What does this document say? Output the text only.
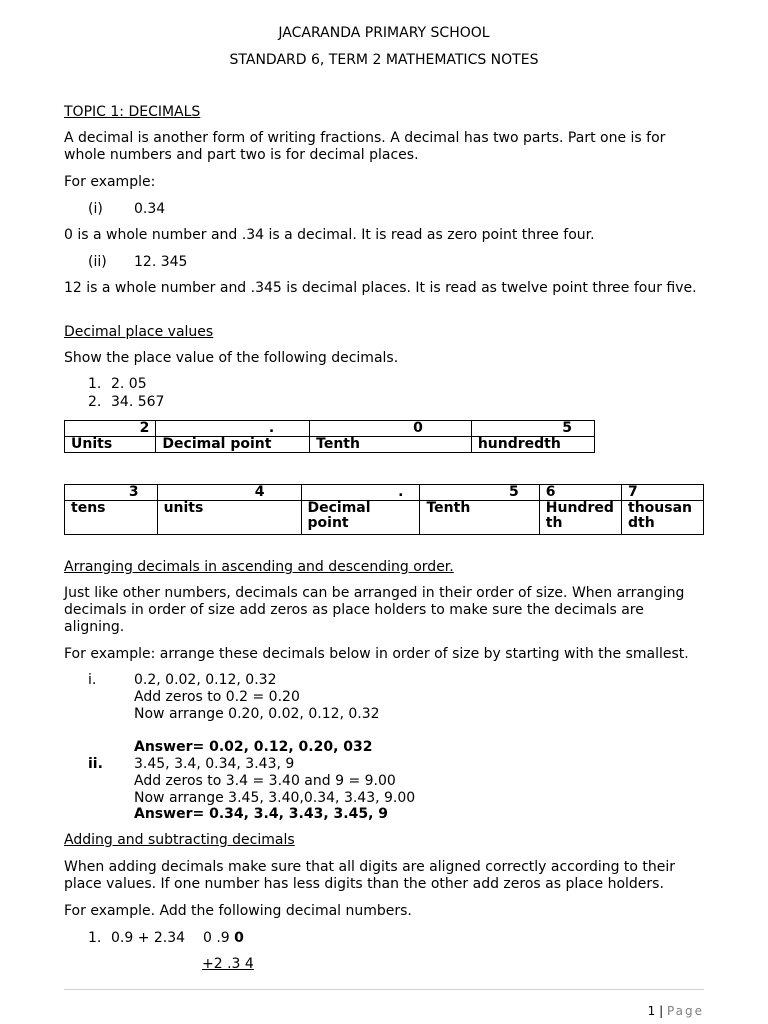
JACARANDA PRIMARY SCHOOL

STANDARD 6, TERM 2 MATHEMATICS NOTES

TOPIC 1: DECIMALS

A decimal is another form of writing fractions. A decimal has two parts. Part one is for whole numbers and part two is for decimal places.

For example:

(i) 0.34

0 is a whole number and .34 is a decimal. It is read as zero point three four.

(ii) 12. 345

12 is a whole number and .345 is decimal places. It is read as twelve point three four five.

Decimal place values

Show the place value of the following decimals.

1. 2. 05

2. 34. 567

2	.	0	5
Units	Decimal point	Tenth	hundredth
3	4	.	5	6	7
tens	units	Decimal point	Tenth	Hundredth	thousandth

Arranging decimals in ascending and descending order.

Just like other numbers, decimals can be arranged in their order of size. When arranging decimals in order of size add zeros as place holders to make sure the decimals are aligning.

For example: arrange these decimals below in order of size by starting with the smallest.

i.	0.2, 0.02, 0.12, 0.32

Add zeros to 0.2 = 0.20

Now arrange 0.20, 0.02, 0.12, 0.32

Answer= 0.02, 0.12, 0.20, 032

ii. 3.45, 3.4, 0.34, 3.43, 9

Add zeros to 3.4 = 3.40 and 9 = 9.00

Now arrange 3.45, 3.40,0.34, 3.43, 9.00

Answer= 0.34, 3.4, 3.43, 3.45, 9

Adding and subtracting decimals

When adding decimals make sure that all digits are aligned correctly according to their place values. If one number has less digits than the other add zeros as place holders.

For example. Add the following decimal numbers.

1. 0.9 + 2.34 0 .9 0

+2 .3 4

1 | Page
